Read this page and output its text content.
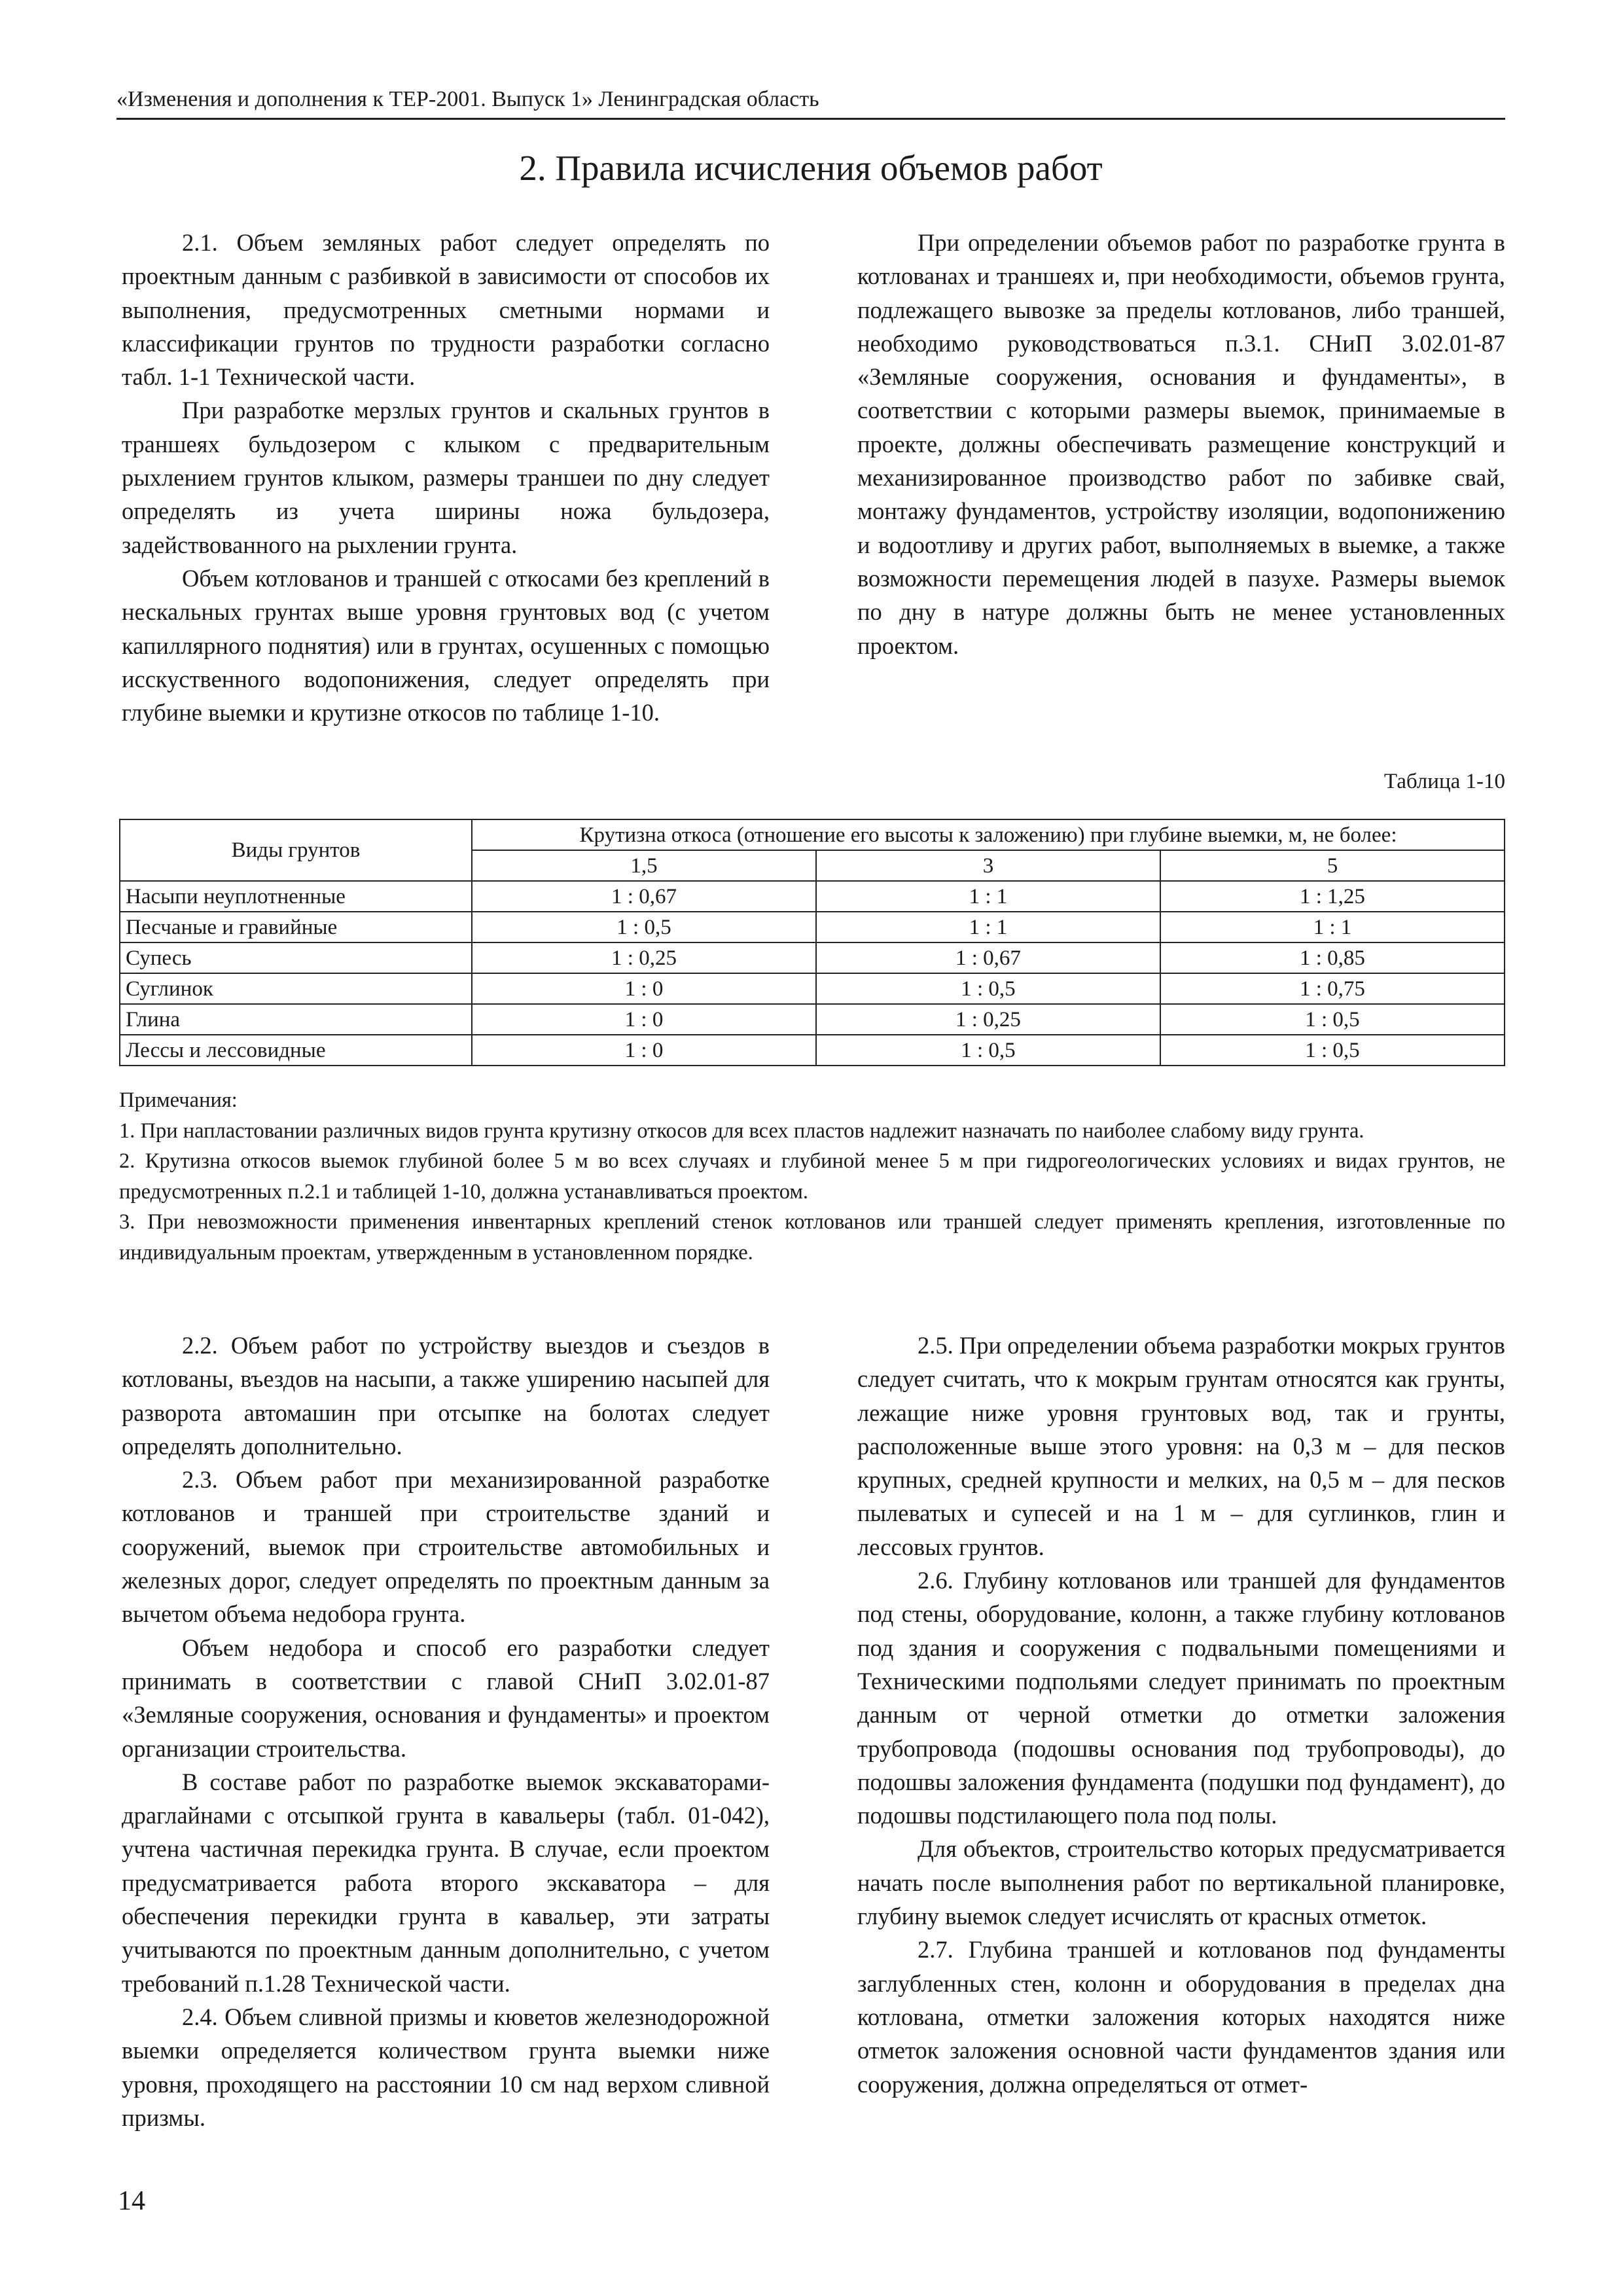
«Изменения и дополнения к ТЕР-2001. Выпуск 1» Ленинградская область
2. Правила исчисления объемов работ

2.1. Объем земляных работ следует определять по проектным данным с разбивкой в зависимости от способов их выполнения, предусмотренных сметными нормами и классификации грунтов по трудности разработки согласно табл. 1-1 Технической части.

При разработке мерзлых грунтов и скальных грунтов в траншеях бульдозером с клыком с предварительным рыхлением грунтов клыком, размеры траншеи по дну следует определять из учета ширины ножа бульдозера, задействованного на рыхлении грунта.

Объем котлованов и траншей с откосами без креплений в нескальных грунтах выше уровня грунтовых вод (с учетом капиллярного поднятия) или в грунтах, осушенных с помощью исскуственного водопонижения, следует определять при глубине выемки и крутизне откосов по таблице 1-10.

При определении объемов работ по разработке грунта в котлованах и траншеях и, при необходимости, объемов грунта, подлежащего вывозке за пределы котлованов, либо траншей, необходимо руководствоваться п.3.1. СНиП 3.02.01-87 «Земляные сооружения, основания и фундаменты», в соответствии с которыми размеры выемок, принимаемые в проекте, должны обеспечивать размещение конструкций и механизированное производство работ по забивке свай, монтажу фундаментов, устройству изоляции, водопонижению и водоотливу и других работ, выполняемых в выемке, а также возможности перемещения людей в пазухе. Размеры выемок по дну в натуре должны быть не менее установленных проектом.

Таблица 1-10
Виды грунтов	Крутизна откоса (отношение его высоты к заложению) при глубине выемки, м, не более:		
	1,5	3	5
Насыпи неуплотненные	1 : 0,67	1 : 1	1 : 1,25
Песчаные и гравийные	1 : 0,5	1 : 1	1 : 1
Супесь	1 : 0,25	1 : 0,67	1 : 0,85
Суглинок	1 : 0	1 : 0,5	1 : 0,75
Глина	1 : 0	1 : 0,25	1 : 0,5
Лессы и лессовидные	1 : 0	1 : 0,5	1 : 0,5

Примечания:

1. При напластовании различных видов грунта крутизну откосов для всех пластов надлежит назначать по наиболее слабому виду грунта.

2. Крутизна откосов выемок глубиной более 5 м во всех случаях и глубиной менее 5 м при гидрогеологических условиях и видах грунтов, не предусмотренных п.2.1 и таблицей 1-10, должна устанавливаться проектом.

3. При невозможности применения инвентарных креплений стенок котлованов или траншей следует применять крепления, изготовленные по индивидуальным проектам, утвержденным в установленном порядке.

2.2. Объем работ по устройству выездов и съездов в котлованы, въездов на насыпи, а также уширению насыпей для разворота автомашин при отсыпке на болотах следует определять дополнительно.

2.3. Объем работ при механизированной разработке котлованов и траншей при строительстве зданий и сооружений, выемок при строительстве автомобильных и железных дорог, следует определять по проектным данным за вычетом объема недобора грунта.

Объем недобора и способ его разработки следует принимать в соответствии с главой СНиП 3.02.01-87 «Земляные сооружения, основания и фундаменты» и проектом организации строительства.

В составе работ по разработке выемок экскаваторами-драглайнами с отсыпкой грунта в кавальеры (табл. 01-042), учтена частичная перекидка грунта. В случае, если проектом предусматривается работа второго экскаватора – для обеспечения перекидки грунта в кавальер, эти затраты учитываются по проектным данным дополнительно, с учетом требований п.1.28 Технической части.

2.4. Объем сливной призмы и кюветов железнодорожной выемки определяется количеством грунта выемки ниже уровня, проходящего на расстоянии 10 см над верхом сливной призмы.

2.5. При определении объема разработки мокрых грунтов следует считать, что к мокрым грунтам относятся как грунты, лежащие ниже уровня грунтовых вод, так и грунты, расположенные выше этого уровня: на 0,3 м – для песков крупных, средней крупности и мелких, на 0,5 м – для песков пылеватых и супесей и на 1 м – для суглинков, глин и лессовых грунтов.

2.6. Глубину котлованов или траншей для фундаментов под стены, оборудование, колонн, а также глубину котлованов под здания и сооружения с подвальными помещениями и Техническими подпольями следует принимать по проектным данным от черной отметки до отметки заложения трубопровода (подошвы основания под трубопроводы), до подошвы заложения фундамента (подушки под фундамент), до подошвы подстилающего пола под полы.

Для объектов, строительство которых предусматривается начать после выполнения работ по вертикальной планировке, глубину выемок следует исчислять от красных отметок.

2.7. Глубина траншей и котлованов под фундаменты заглубленных стен, колонн и оборудования в пределах дна котлована, отметки заложения которых находятся ниже отметок заложения основной части фундаментов здания или сооружения, должна определяться от отмет-

14
